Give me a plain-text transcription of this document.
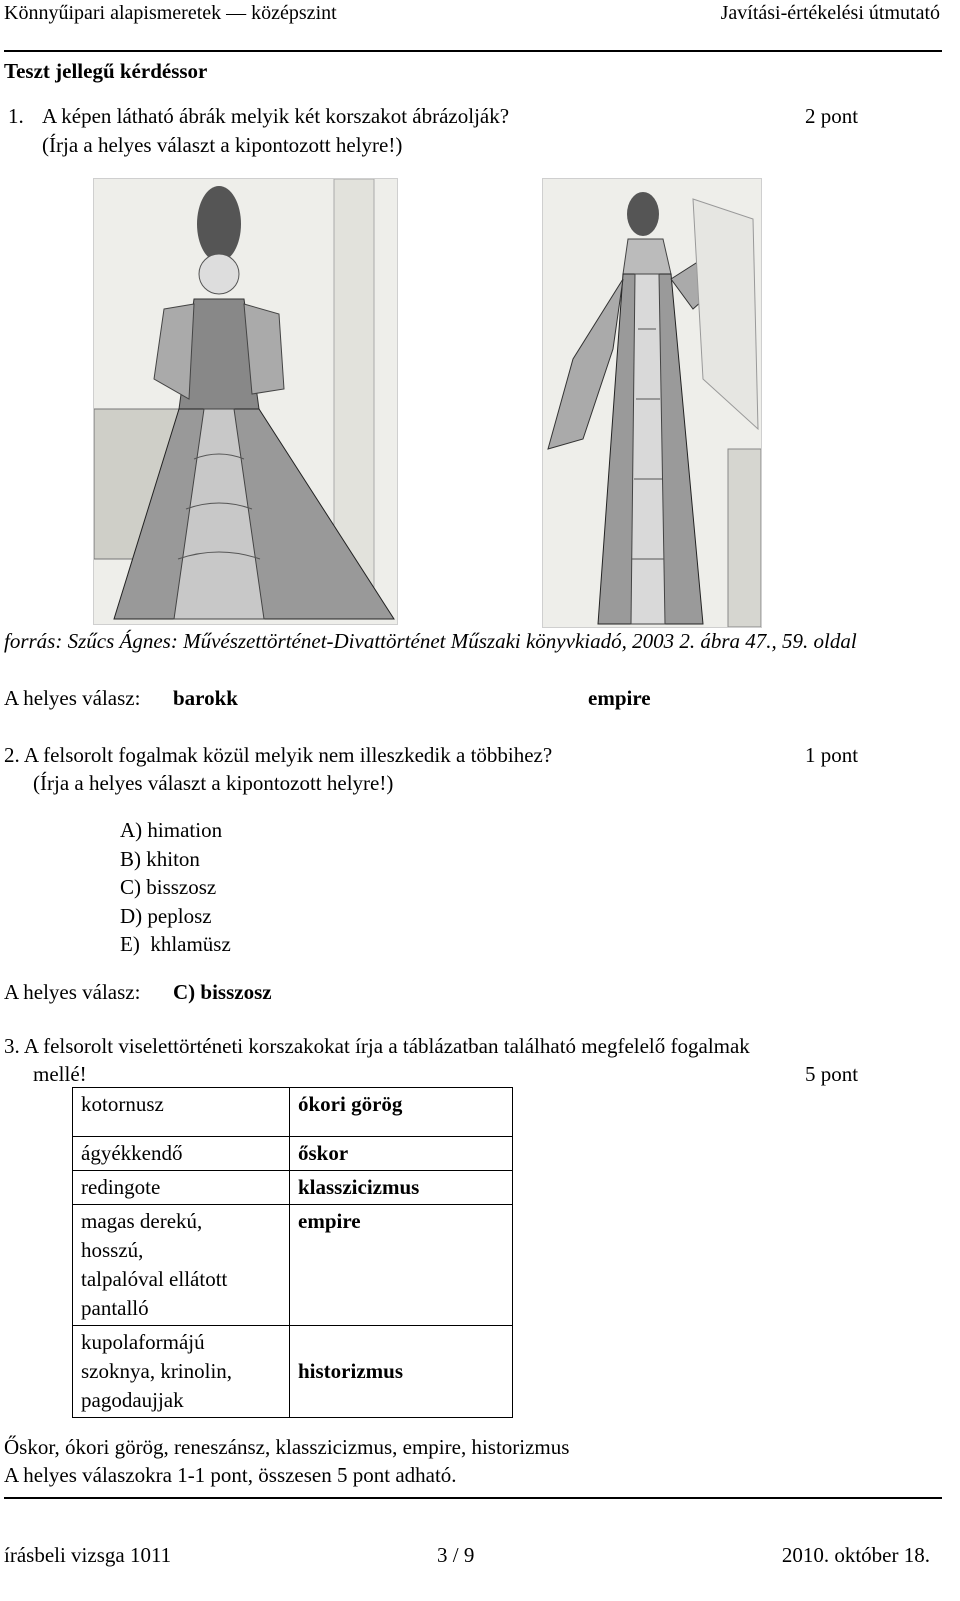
Könnyűipari alapismeretek — középszint	Javítási-értékelési útmutató
Teszt jellegű kérdéssor
1. A képen látható ábrák melyik két korszakot ábrázolják?	2 pont
(Írja a helyes választ a kipontozott helyre!)
forrás: Szűcs Ágnes: Művészettörténet-Divattörténet Műszaki könyvkiadó, 2003 2. ábra 47., 59. oldal
A helyes válasz: barokk	empire
2. A felsorolt fogalmak közül melyik nem illeszkedik a többihez?	1 pont
(Írja a helyes választ a kipontozott helyre!)
A) himation
B) khiton
C) bisszosz
D) peplosz
E)  khlamüsz
A helyes válasz: C) bisszosz
3. A felsorolt viselettörténeti korszakokat írja a táblázatban található megfelelő fogalmak
mellé!	5 pont
kotornusz	ókori görög
ágyékkendő	őskor
redingote	klasszicizmus
magas derekú,
hosszú,
talpalóval ellátott
pantalló	empire
kupolaformájú
szoknya, krinolin,
pagodaujjak	historizmus
Őskor, ókori görög, reneszánsz, klasszicizmus, empire, historizmus
A helyes válaszokra 1-1 pont, összesen 5 pont adható.
írásbeli vizsga 1011	3 / 9	2010. október 18.
